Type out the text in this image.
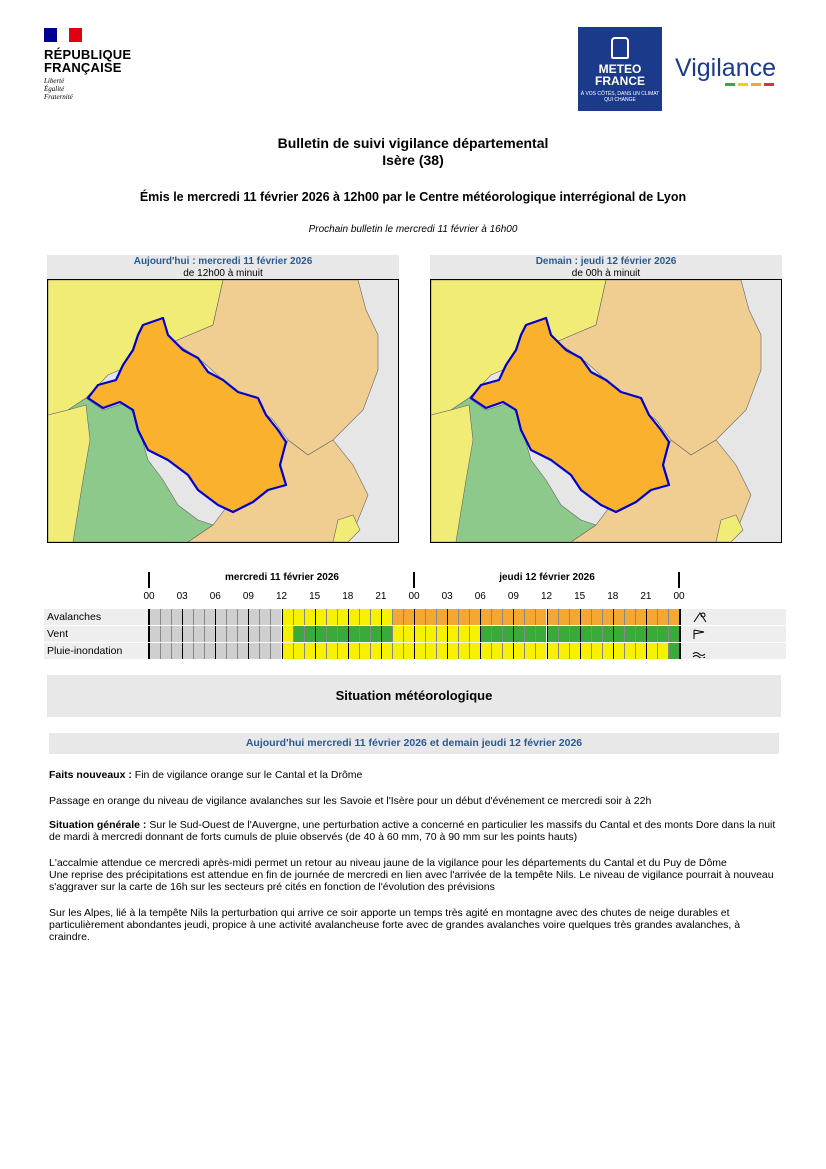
RÉPUBLIQUE
FRANÇAISE
Liberté
Égalité
Fraternité
METEO
FRANCE
À VOS CÔTÉS, DANS UN CLIMAT QUI CHANGE
Vigilance
Bulletin de suivi vigilance départemental
Isère (38)
Émis le mercredi 11 février 2026 à 12h00 par le Centre météorologique interrégional de Lyon
Prochain bulletin le mercredi 11 février à 16h00
Aujourd'hui : mercredi 11 février 2026
de 12h00 à minuit
Demain : jeudi 12 février 2026
de 00h à minuit
mercredi 11 février 2026	jeudi 12 février 2026
00	03	06	09	12	15	18	21	00	03	06	09	12	15	18	21	00
Avalanches
Vent
Pluie-inondation
Situation météorologique
Aujourd'hui mercredi 11 février 2026 et demain jeudi 12 février 2026
Faits nouveaux : Fin de vigilance orange sur le Cantal et la Drôme
Passage en orange du niveau de vigilance avalanches sur les Savoie et l'Isère pour un début d'événement ce mercredi soir à 22h
Situation générale : Sur le Sud-Ouest de l'Auvergne, une perturbation active a concerné en particulier les massifs du Cantal et des monts Dore dans la nuit de mardi à mercredi donnant de forts cumuls de pluie observés (de 40 à 60 mm, 70 à 90 mm sur les points hauts)
L'accalmie attendue ce mercredi après-midi permet un retour au niveau jaune de la vigilance pour les départements du Cantal et du Puy de Dôme
Une reprise des précipitations est attendue en fin de journée de mercredi en lien avec l'arrivée de la tempête Nils. Le niveau de vigilance pourrait à nouveau s'aggraver sur la carte de 16h sur les secteurs pré cités en fonction de l'évolution des prévisions
Sur les Alpes, lié à la tempête Nils la perturbation qui arrive ce soir apporte un temps très agité en montagne avec des chutes de neige durables et particulièrement abondantes jeudi, propice à une activité avalancheuse forte avec de grandes avalanches voire quelques très grandes avalanches, à craindre.
